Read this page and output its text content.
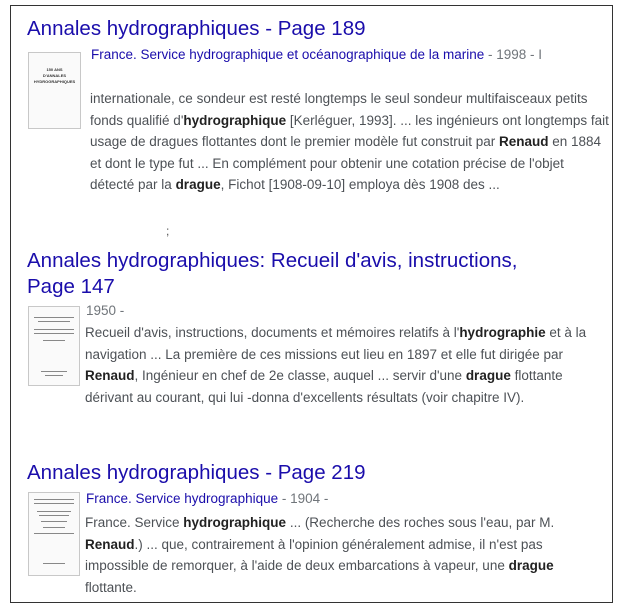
Annales hydrographiques - Page 189
150 ANS
D'ANNALES
HYDROGRAPHIQUES
France. Service hydrographique et océanographique de la marine - 1998 - I
internationale, ce sondeur est resté longtemps le seul sondeur multifaisceaux petits fonds qualifié d'hydrographique [Kerléguer, 1993]. ... les ingénieurs ont longtemps fait usage de dragues flottantes dont le premier modèle fut construit par Renaud en 1884 et dont le type fut ... En complément pour obtenir une cotation précise de l'objet détecté par la drague, Fichot [1908-09-10] employa dès 1908 des ...
;
Annales hydrographiques: Recueil d'avis, instructions, Page 147
1950 -
Recueil d'avis, instructions, documents et mémoires relatifs à l'hydrographie et à la navigation ... La première de ces missions eut lieu en 1897 et elle fut dirigée par Renaud, Ingénieur en chef de 2e classe, auquel ... servir d'une drague flottante dérivant au courant, qui lui -donna d'excellents résultats (voir chapitre IV).
Annales hydrographiques - Page 219
France. Service hydrographique - 1904 -
France. Service hydrographique ... (Recherche des roches sous l'eau, par M. Renaud.) ... que, contrairement à l'opinion généralement admise, il n'est pas impossible de remorquer, à l'aide de deux embarcations à vapeur, une drague flottante.
